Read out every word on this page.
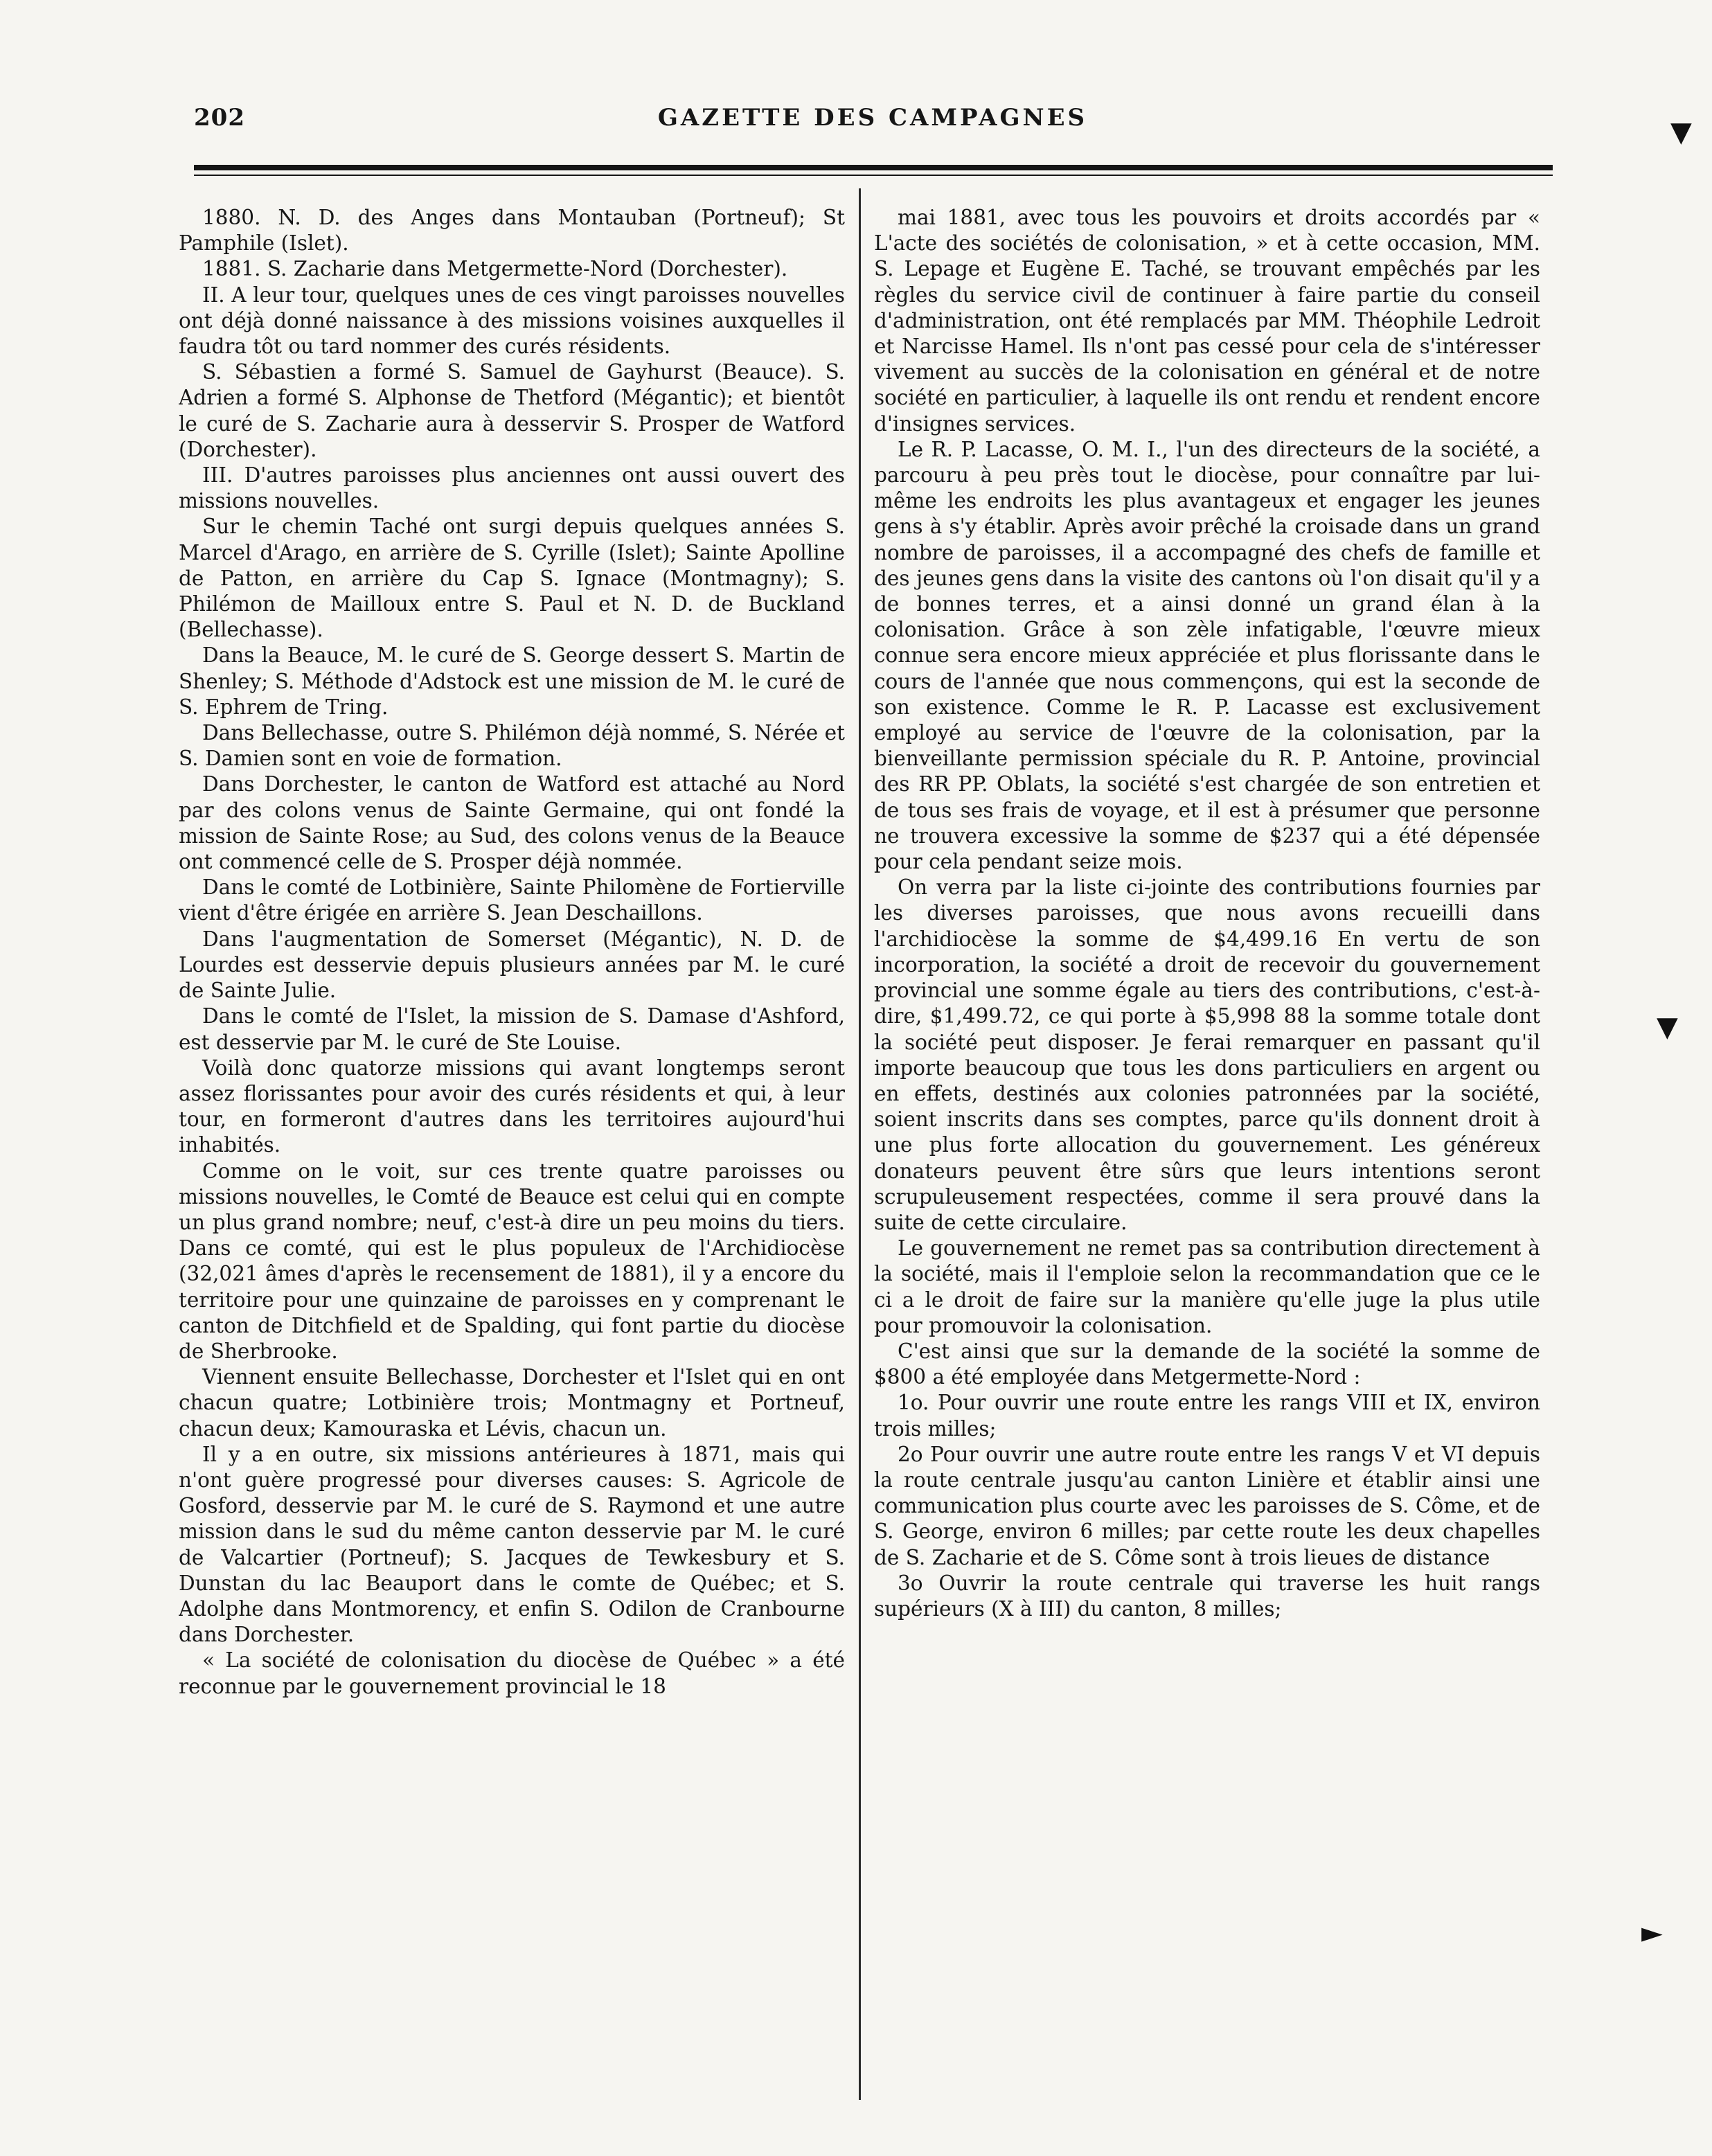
202	GAZETTE DES CAMPAGNES

1880. N. D. des Anges dans Montauban (Portneuf); St Pamphile (Islet).

1881. S. Zacharie dans Metgermette-Nord (Dorchester).

II. A leur tour, quelques unes de ces vingt paroisses nouvelles ont déjà donné naissance à des missions voisines auxquelles il faudra tôt ou tard nommer des curés résidents.

S. Sébastien a formé S. Samuel de Gayhurst (Beauce). S. Adrien a formé S. Alphonse de Thetford (Mégantic); et bientôt le curé de S. Zacharie aura à desservir S. Prosper de Watford (Dorchester).

III. D'autres paroisses plus anciennes ont aussi ouvert des missions nouvelles.

Sur le chemin Taché ont surgi depuis quelques années S. Marcel d'Arago, en arrière de S. Cyrille (Islet); Sainte Apolline de Patton, en arrière du Cap S. Ignace (Montmagny); S. Philémon de Mailloux entre S. Paul et N. D. de Buckland (Bellechasse).

Dans la Beauce, M. le curé de S. George dessert S. Martin de Shenley; S. Méthode d'Adstock est une mission de M. le curé de S. Ephrem de Tring.

Dans Bellechasse, outre S. Philémon déjà nommé, S. Nérée et S. Damien sont en voie de formation.

Dans Dorchester, le canton de Watford est attaché au Nord par des colons venus de Sainte Germaine, qui ont fondé la mission de Sainte Rose; au Sud, des colons venus de la Beauce ont commencé celle de S. Prosper déjà nommée.

Dans le comté de Lotbinière, Sainte Philomène de Fortierville vient d'être érigée en arrière S. Jean Deschaillons.

Dans l'augmentation de Somerset (Mégantic), N. D. de Lourdes est desservie depuis plusieurs années par M. le curé de Sainte Julie.

Dans le comté de l'Islet, la mission de S. Damase d'Ashford, est desservie par M. le curé de Ste Louise.

Voilà donc quatorze missions qui avant longtemps seront assez florissantes pour avoir des curés résidents et qui, à leur tour, en formeront d'autres dans les territoires aujourd'hui inhabités.

Comme on le voit, sur ces trente quatre paroisses ou missions nouvelles, le Comté de Beauce est celui qui en compte un plus grand nombre; neuf, c'est-à dire un peu moins du tiers. Dans ce comté, qui est le plus populeux de l'Archidiocèse (32,021 âmes d'après le recensement de 1881), il y a encore du territoire pour une quinzaine de paroisses en y comprenant le canton de Ditchfield et de Spalding, qui font partie du diocèse de Sherbrooke.

Viennent ensuite Bellechasse, Dorchester et l'Islet qui en ont chacun quatre; Lotbinière trois; Montmagny et Portneuf, chacun deux; Kamouraska et Lévis, chacun un.

Il y a en outre, six missions antérieures à 1871, mais qui n'ont guère progressé pour diverses causes: S. Agricole de Gosford, desservie par M. le curé de S. Raymond et une autre mission dans le sud du même canton desservie par M. le curé de Valcartier (Portneuf); S. Jacques de Tewkesbury et S. Dunstan du lac Beauport dans le comte de Québec; et S. Adolphe dans Montmorency, et enfin S. Odilon de Cranbourne dans Dorchester.

« La société de colonisation du diocèse de Québec » a été reconnue par le gouvernement provincial le 18

mai 1881, avec tous les pouvoirs et droits accordés par « L'acte des sociétés de colonisation, » et à cette occasion, MM. S. Lepage et Eugène E. Taché, se trouvant empêchés par les règles du service civil de continuer à faire partie du conseil d'administration, ont été remplacés par MM. Théophile Ledroit et Narcisse Hamel. Ils n'ont pas cessé pour cela de s'intéresser vivement au succès de la colonisation en général et de notre société en particulier, à laquelle ils ont rendu et rendent encore d'insignes services.

Le R. P. Lacasse, O. M. I., l'un des directeurs de la société, a parcouru à peu près tout le diocèse, pour connaître par lui-même les endroits les plus avantageux et engager les jeunes gens à s'y établir. Après avoir prêché la croisade dans un grand nombre de paroisses, il a accompagné des chefs de famille et des jeunes gens dans la visite des cantons où l'on disait qu'il y a de bonnes terres, et a ainsi donné un grand élan à la colonisation. Grâce à son zèle infatigable, l'œuvre mieux connue sera encore mieux appréciée et plus florissante dans le cours de l'année que nous commençons, qui est la seconde de son existence. Comme le R. P. Lacasse est exclusivement employé au service de l'œuvre de la colonisation, par la bienveillante permission spéciale du R. P. Antoine, provincial des RR PP. Oblats, la société s'est chargée de son entretien et de tous ses frais de voyage, et il est à présumer que personne ne trouvera excessive la somme de $237 qui a été dépensée pour cela pendant seize mois.

On verra par la liste ci-jointe des contributions fournies par les diverses paroisses, que nous avons recueilli dans l'archidiocèse la somme de $4,499.16 En vertu de son incorporation, la société a droit de recevoir du gouvernement provincial une somme égale au tiers des contributions, c'est-à-dire, $1,499.72, ce qui porte à $5,998 88 la somme totale dont la société peut disposer. Je ferai remarquer en passant qu'il importe beaucoup que tous les dons particuliers en argent ou en effets, destinés aux colonies patronnées par la société, soient inscrits dans ses comptes, parce qu'ils donnent droit à une plus forte allocation du gouvernement. Les généreux donateurs peuvent être sûrs que leurs intentions seront scrupuleusement respectées, comme il sera prouvé dans la suite de cette circulaire.

Le gouvernement ne remet pas sa contribution directement à la société, mais il l'emploie selon la recommandation que ce le ci a le droit de faire sur la manière qu'elle juge la plus utile pour promouvoir la colonisation.

C'est ainsi que sur la demande de la société la somme de $800 a été employée dans Metgermette-Nord :

1o. Pour ouvrir une route entre les rangs VIII et IX, environ trois milles;

2o Pour ouvrir une autre route entre les rangs V et VI depuis la route centrale jusqu'au canton Linière et établir ainsi une communication plus courte avec les paroisses de S. Côme, et de S. George, environ 6 milles; par cette route les deux chapelles de S. Zacharie et de S. Côme sont à trois lieues de distance

3o Ouvrir la route centrale qui traverse les huit rangs supérieurs (X à III) du canton, 8 milles;

▼
▼
►
